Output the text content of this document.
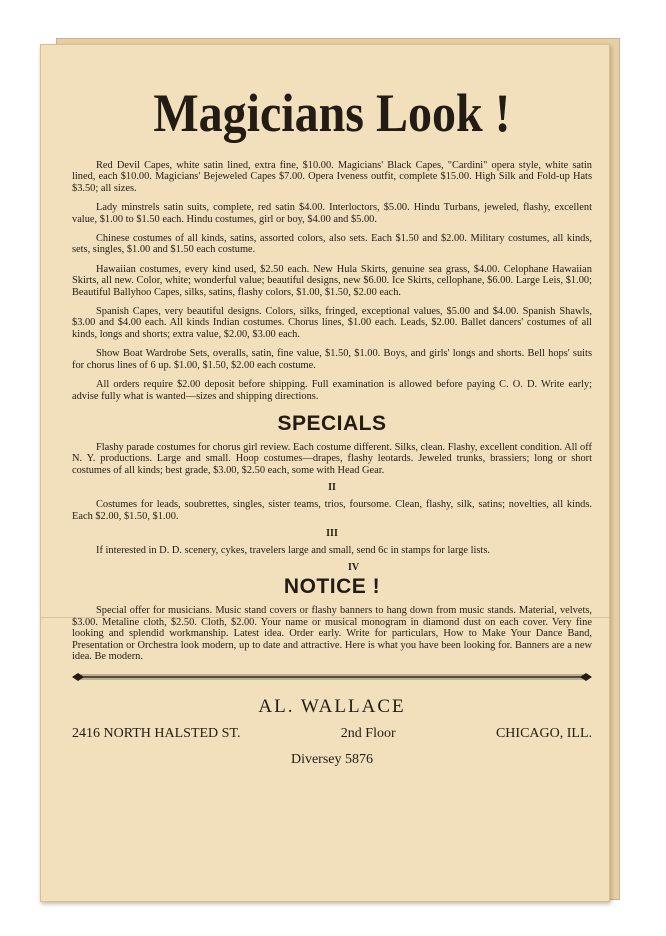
Magicians Look !

Red Devil Capes, white satin lined, extra fine, $10.00. Magicians' Black Capes, "Cardini" opera style, white satin lined, each $10.00. Magicians' Bejeweled Capes $7.00. Opera Iveness outfit, complete $15.00. High Silk and Fold-up Hats $3.50; all sizes.

Lady minstrels satin suits, complete, red satin $4.00. Interloctors, $5.00. Hindu Turbans, jeweled, flashy, excellent value, $1.00 to $1.50 each. Hindu costumes, girl or boy, $4.00 and $5.00.

Chinese costumes of all kinds, satins, assorted colors, also sets. Each $1.50 and $2.00. Military costumes, all kinds, sets, singles, $1.00 and $1.50 each costume.

Hawaiian costumes, every kind used, $2.50 each. New Hula Skirts, genuine sea grass, $4.00. Celophane Hawaiian Skirts, all new. Color, white; wonderful value; beautiful designs, new $6.00. Ice Skirts, cellophane, $6.00. Large Leis, $1.00; Beautiful Ballyhoo Capes, silks, satins, flashy colors, $1.00, $1.50, $2.00 each.

Spanish Capes, very beautiful designs. Colors, silks, fringed, exceptional values, $5.00 and $4.00. Spanish Shawls, $3.00 and $4.00 each. All kinds Indian costumes. Chorus lines, $1.00 each. Leads, $2.00. Ballet dancers' costumes of all kinds, longs and shorts; extra value, $2.00, $3.00 each.

Show Boat Wardrobe Sets, overalls, satin, fine value, $1.50, $1.00. Boys, and girls' longs and shorts. Bell hops' suits for chorus lines of 6 up. $1.00, $1.50, $2.00 each costume.

All orders require $2.00 deposit before shipping. Full examination is allowed before paying C. O. D. Write early; advise fully what is wanted—sizes and shipping directions.

SPECIALS

Flashy parade costumes for chorus girl review. Each costume different. Silks, clean. Flashy, excellent condition. All off N. Y. productions. Large and small. Hoop costumes—drapes, flashy leotards. Jeweled trunks, brassiers; long or short costumes of all kinds; best grade, $3.00, $2.50 each, some with Head Gear.

II

Costumes for leads, soubrettes, singles, sister teams, trios, foursome. Clean, flashy, silk, satins; novelties, all kinds. Each $2.00, $1.50, $1.00.

III

If interested in D. D. scenery, cykes, travelers large and small, send 6c in stamps for large lists.

IV
NOTICE !

Special offer for musicians. Music stand covers or flashy banners to hang down from music stands. Material, velvets, $3.00. Metaline cloth, $2.50. Cloth, $2.00. Your name or musical monogram in diamond dust on each cover. Very fine looking and splendid workmanship. Latest idea. Order early. Write for particulars, How to Make Your Dance Band, Presentation or Orchestra look modern, up to date and attractive. Here is what you have been looking for. Banners are a new idea. Be modern.

AL. WALLACE
2416 NORTH HALSTED ST.	2nd Floor	CHICAGO, ILL.
Diversey 5876
